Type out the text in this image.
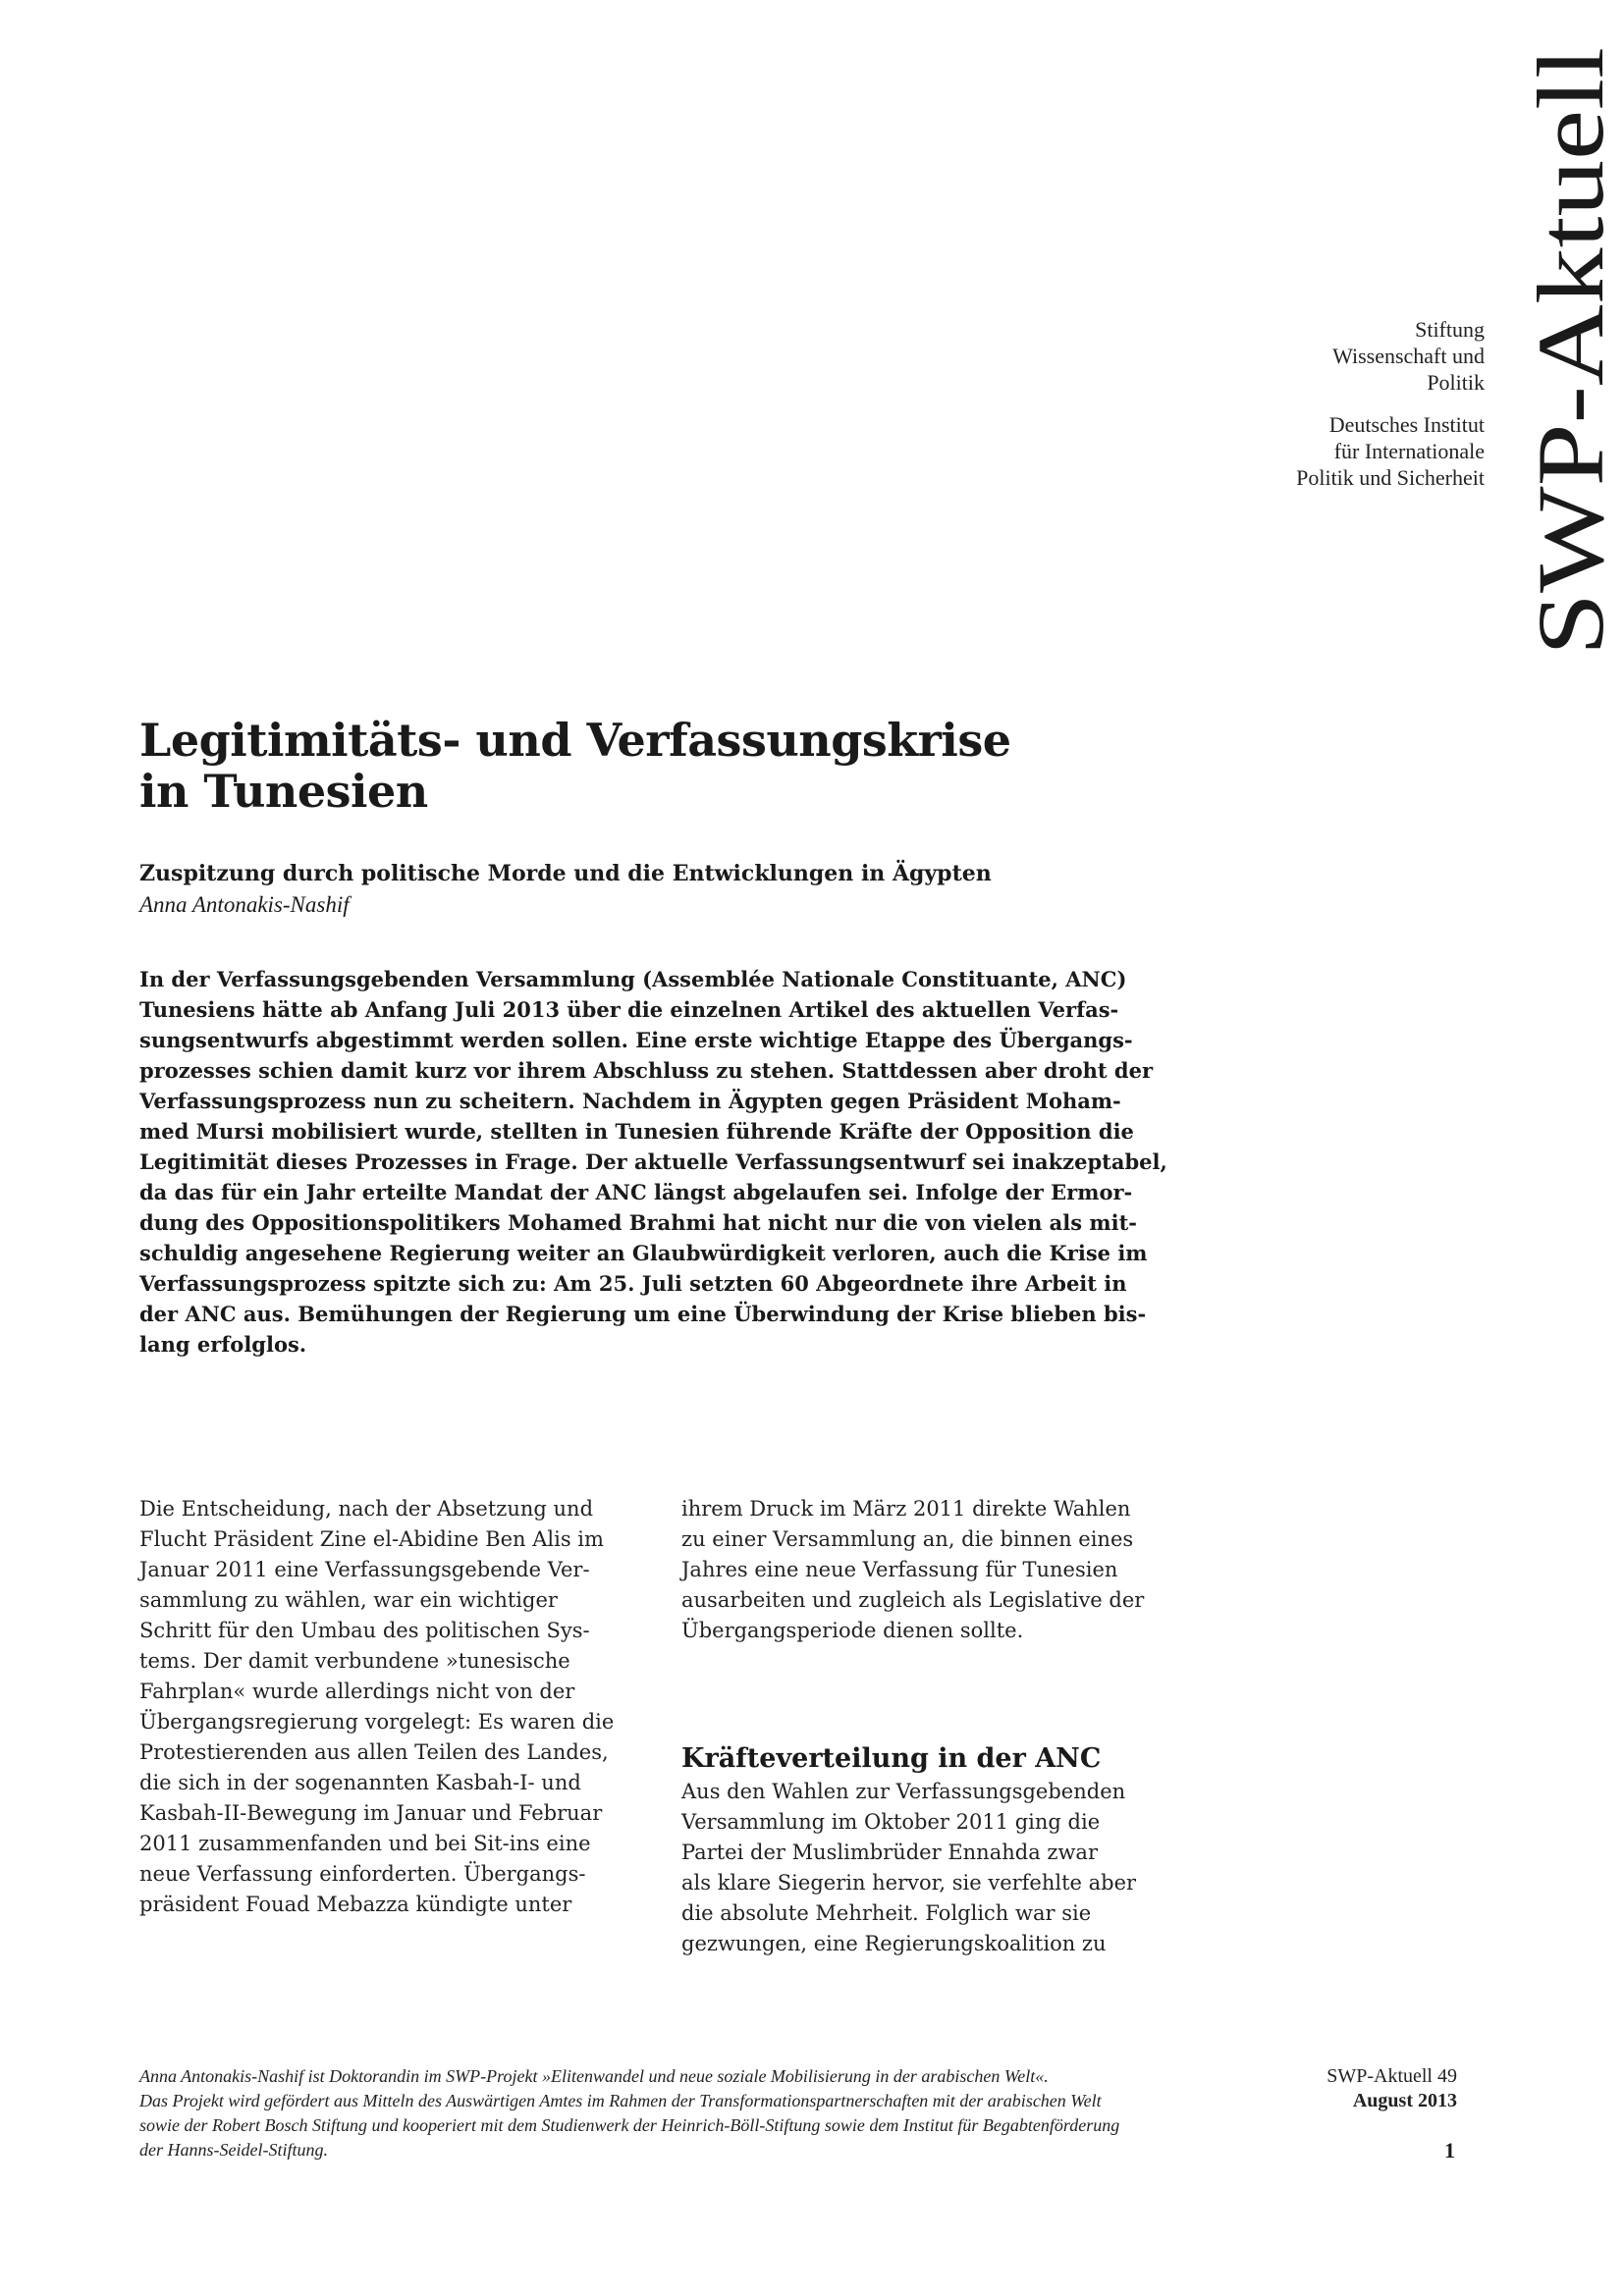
SWP-Aktuell
Stiftung
Wissenschaft und
Politik
Deutsches Institut
für Internationale
Politik und Sicherheit
Legitimitäts- und Verfassungskrise
in Tunesien
Zuspitzung durch politische Morde und die Entwicklungen in Ägypten
Anna Antonakis-Nashif
In der Verfassungsgebenden Versammlung (Assemblée Nationale Constituante, ANC)
Tunesiens hätte ab Anfang Juli 2013 über die einzelnen Artikel des aktuellen Verfas-
sungsentwurfs abgestimmt werden sollen. Eine erste wichtige Etappe des Übergangs-
prozesses schien damit kurz vor ihrem Abschluss zu stehen. Stattdessen aber droht der
Verfassungsprozess nun zu scheitern. Nachdem in Ägypten gegen Präsident Moham-
med Mursi mobilisiert wurde, stellten in Tunesien führende Kräfte der Opposition die
Legitimität dieses Prozesses in Frage. Der aktuelle Verfassungsentwurf sei inakzeptabel,
da das für ein Jahr erteilte Mandat der ANC längst abgelaufen sei. Infolge der Ermor-
dung des Oppositionspolitikers Mohamed Brahmi hat nicht nur die von vielen als mit-
schuldig angesehene Regierung weiter an Glaubwürdigkeit verloren, auch die Krise im
Verfassungsprozess spitzte sich zu: Am 25. Juli setzten 60 Abgeordnete ihre Arbeit in
der ANC aus. Bemühungen der Regierung um eine Überwindung der Krise blieben bis-
lang erfolglos.
Die Entscheidung, nach der Absetzung und
Flucht Präsident Zine el-Abidine Ben Alis im
Januar 2011 eine Verfassungsgebende Ver-
sammlung zu wählen, war ein wichtiger
Schritt für den Umbau des politischen Sys-
tems. Der damit verbundene »tunesische
Fahrplan« wurde allerdings nicht von der
Übergangsregierung vorgelegt: Es waren die
Protestierenden aus allen Teilen des Landes,
die sich in der sogenannten Kasbah-I- und
Kasbah-II-Bewegung im Januar und Februar
2011 zusammenfanden und bei Sit-ins eine
neue Verfassung einforderten. Übergangs-
präsident Fouad Mebazza kündigte unter
ihrem Druck im März 2011 direkte Wahlen
zu einer Versammlung an, die binnen eines
Jahres eine neue Verfassung für Tunesien
ausarbeiten und zugleich als Legislative der
Übergangsperiode dienen sollte.
Kräfteverteilung in der ANC
Aus den Wahlen zur Verfassungsgebenden
Versammlung im Oktober 2011 ging die
Partei der Muslimbrüder Ennahda zwar
als klare Siegerin hervor, sie verfehlte aber
die absolute Mehrheit. Folglich war sie
gezwungen, eine Regierungskoalition zu
Anna Antonakis-Nashif ist Doktorandin im SWP-Projekt »Elitenwandel und neue soziale Mobilisierung in der arabischen Welt«.
Das Projekt wird gefördert aus Mitteln des Auswärtigen Amtes im Rahmen der Transformationspartnerschaften mit der arabischen Welt
sowie der Robert Bosch Stiftung und kooperiert mit dem Studienwerk der Heinrich-Böll-Stiftung sowie dem Institut für Begabtenförderung
der Hanns-Seidel-Stiftung.
SWP-Aktuell 49
August 2013
1
